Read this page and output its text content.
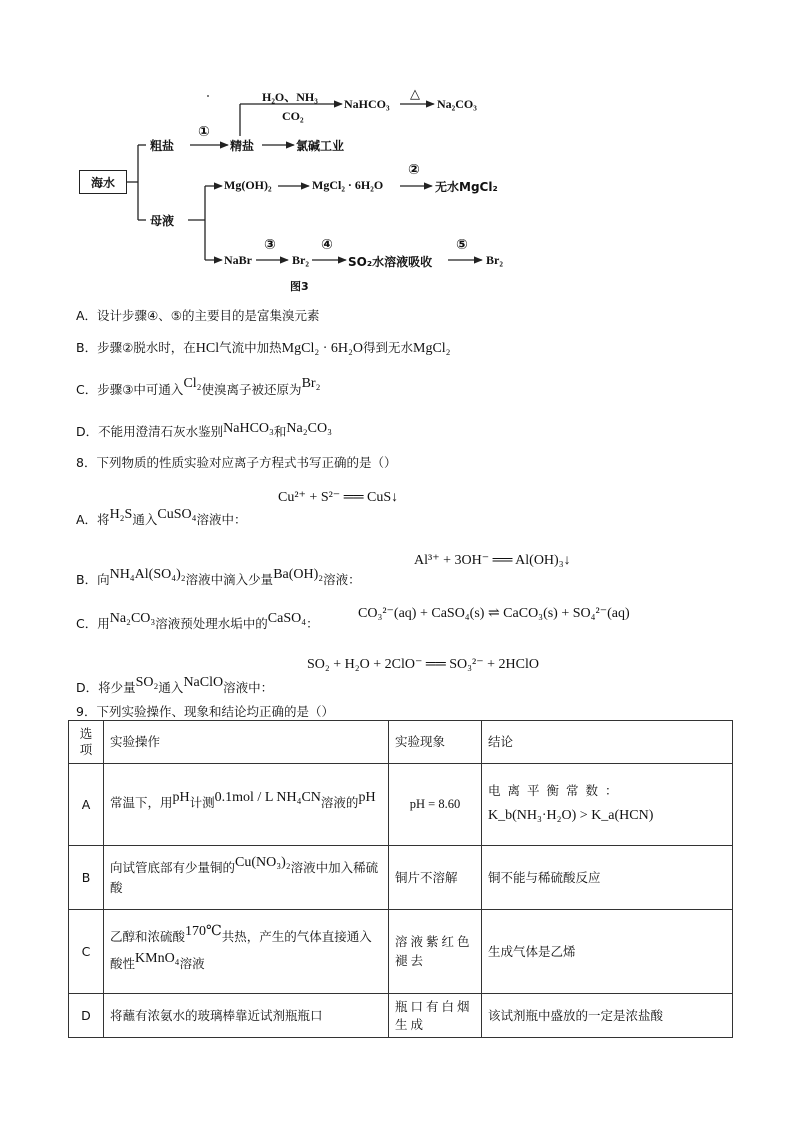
海水
粗盐
母液
①
精盐
H₂O、NH₃
CO₂
NaHCO₃
△
Na₂CO₃
氯碱工业
Mg(OH)₂	MgCl₂ · 6H₂O
②
无水MgCl₂
NaBr
③
Br₂
④
SO₂水溶液吸收
⑤
Br₂
图3
A．设计步骤④、⑤的主要目的是富集溴元素
B．步骤②脱水时，在HCl气流中加热MgCl₂ · 6H₂O得到无水MgCl₂
C．步骤③中可通入Cl₂使溴离子被还原为Br₂
D．不能用澄清石灰水鉴别NaHCO₃和Na₂CO₃
8．下列物质的性质实验对应离子方程式书写正确的是（）
Cu²⁺ + S²⁻ ══ CuS↓
A．将H₂S通入CuSO₄溶液中：
Al³⁺ + 3OH⁻ ══ Al(OH)₃↓
B．向NH₄Al(SO₄)₂溶液中滴入少量Ba(OH)₂溶液：
C．用Na₂CO₃溶液预处理水垢中的CaSO₄：
CO₃²⁻(aq) + CaSO₄(s) ⇌ CaCO₃(s) + SO₄²⁻(aq)
SO₂ + H₂O + 2ClO⁻ ══ SO₃²⁻ + 2HClO
D．将少量SO₂通入NaClO溶液中：
9．下列实验操作、现象和结论均正确的是（）
选项	实验操作	实验现象	结论
A	常温下，用pH计测0.1mol / L NH₄CN溶液的pH	pH = 8.60	电离平衡常数：
K_b(NH₃·H₂O) > K_a(HCN)

B	向试管底部有少量铜的Cu(NO₃)₂溶液中加入稀硫酸	铜片不溶解	铜不能与稀硫酸反应
C	乙醇和浓硫酸170℃共热，产生的气体直接通入酸性KMnO₄溶液	溶液紫红色褪去	生成气体是乙烯
D	将蘸有浓氨水的玻璃棒靠近试剂瓶瓶口	瓶口有白烟生成	该试剂瓶中盛放的一定是浓盐酸
